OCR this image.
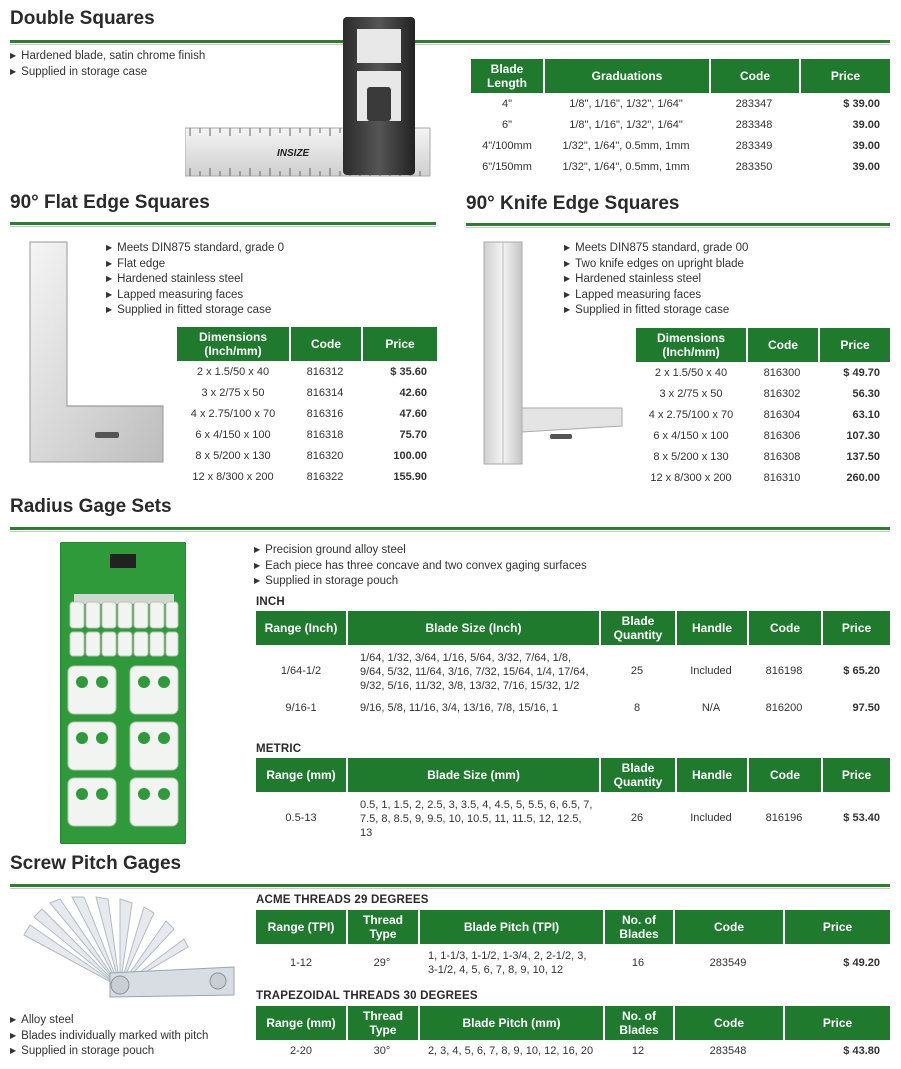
Double Squares
▶ Hardened blade, satin chrome finish
▶ Supplied in storage case
INSIZE
Blade Length	Graduations	Code	Price
4"	1/8", 1/16", 1/32", 1/64"	283347	$ 39.00
6"	1/8", 1/16", 1/32", 1/64"	283348	39.00
4"/100mm	1/32", 1/64", 0.5mm, 1mm	283349	39.00
6"/150mm	1/32", 1/64", 0.5mm, 1mm	283350	39.00
90° Flat Edge Squares
▶ Meets DIN875 standard, grade 0
▶ Flat edge
▶ Hardened stainless steel
▶ Lapped measuring faces
▶ Supplied in fitted storage case
Dimensions (Inch/mm)	Code	Price
2 x 1.5/50 x 40	816312	$ 35.60
3 x 2/75 x 50	816314	42.60
4 x 2.75/100 x 70	816316	47.60
6 x 4/150 x 100	816318	75.70
8 x 5/200 x 130	816320	100.00
12 x 8/300 x 200	816322	155.90
90° Knife Edge Squares
▶ Meets DIN875 standard, grade 00
▶ Two knife edges on upright blade
▶ Hardened stainless steel
▶ Lapped measuring faces
▶ Supplied in fitted storage case
Dimensions (Inch/mm)	Code	Price
2 x 1.5/50 x 40	816300	$ 49.70
3 x 2/75 x 50	816302	56.30
4 x 2.75/100 x 70	816304	63.10
6 x 4/150 x 100	816306	107.30
8 x 5/200 x 130	816308	137.50
12 x 8/300 x 200	816310	260.00
Radius Gage Sets
▶ Precision ground alloy steel
▶ Each piece has three concave and two convex gaging surfaces
▶ Supplied in storage pouch
INCH
Range (Inch)	Blade Size (Inch)	Blade Quantity	Handle	Code	Price
1/64-1/2	1/64, 1/32, 3/64, 1/16, 5/64, 3/32, 7/64, 1/8, 9/64, 5/32, 11/64, 3/16, 7/32, 15/64, 1/4, 17/64, 9/32, 5/16, 11/32, 3/8, 13/32, 7/16, 15/32, 1/2	25	Included	816198	$ 65.20
9/16-1	9/16, 5/8, 11/16, 3/4, 13/16, 7/8, 15/16, 1	8	N/A	816200	97.50
METRIC
Range (mm)	Blade Size (mm)	Blade Quantity	Handle	Code	Price
0.5-13	0.5, 1, 1.5, 2, 2.5, 3, 3.5, 4, 4.5, 5, 5.5, 6, 6.5, 7, 7.5, 8, 8.5, 9, 9.5, 10, 10.5, 11, 11.5, 12, 12.5, 13	26	Included	816196	$ 53.40
Screw Pitch Gages
▶ Alloy steel
▶ Blades individually marked with pitch
▶ Supplied in storage pouch
ACME THREADS 29 DEGREES
Range (TPI)	Thread Type	Blade Pitch (TPI)	No. of Blades	Code	Price
1-12	29°	1, 1-1/3, 1-1/2, 1-3/4, 2, 2-1/2, 3, 3-1/2, 4, 5, 6, 7, 8, 9, 10, 12	16	283549	$ 49.20
TRAPEZOIDAL THREADS 30 DEGREES
Range (mm)	Thread Type	Blade Pitch (mm)	No. of Blades	Code	Price
2-20	30°	2, 3, 4, 5, 6, 7, 8, 9, 10, 12, 16, 20	12	283548	$ 43.80
